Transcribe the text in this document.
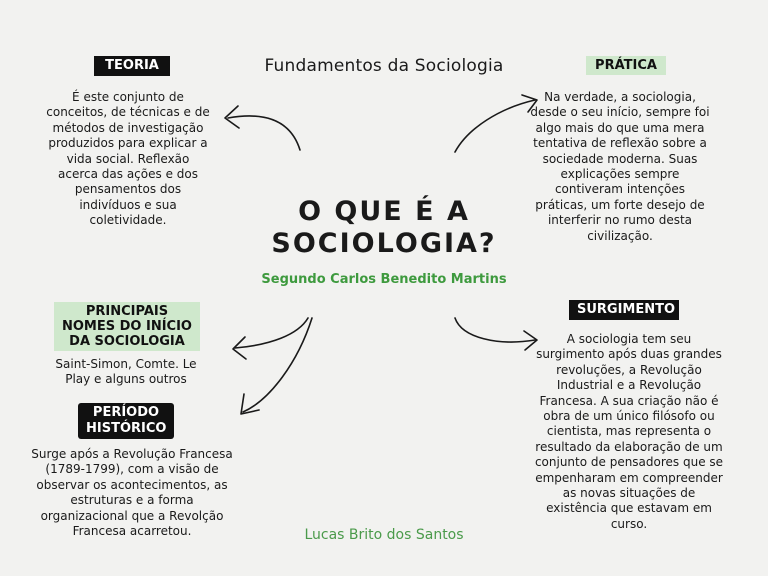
Fundamentos da Sociologia
O QUE É A SOCIOLOGIA?
Segundo Carlos Benedito Martins
TEORIA
É este conjunto de conceitos, de técnicas e de métodos de investigação produzidos para explicar a vida social. Reflexão acerca das ações e dos pensamentos dos indivíduos e sua coletividade.
PRÁTICA
Na verdade, a sociologia, desde o seu início, sempre foi algo mais do que uma mera tentativa de reflexão sobre a sociedade moderna. Suas explicações sempre contiveram intenções práticas, um forte desejo de interferir no rumo desta civilização.
PRINCIPAIS NOMES DO INÍCIO DA SOCIOLOGIA
Saint-Simon, Comte. Le Play e alguns outros
PERÍODO HISTÓRICO
Surge após a Revolução Francesa (1789-1799), com a visão de observar os acontecimentos, as estruturas e a forma organizacional que a Revolção Francesa acarretou.
SURGIMENTO
A sociologia tem seu surgimento após duas grandes revoluções, a Revolução Industrial e a Revolução Francesa. A sua criação não é obra de um único filósofo ou cientista, mas representa o resultado da elaboração de um conjunto de pensadores que se empenharam em compreender as novas situações de existência que estavam em curso.
Lucas Brito dos Santos
